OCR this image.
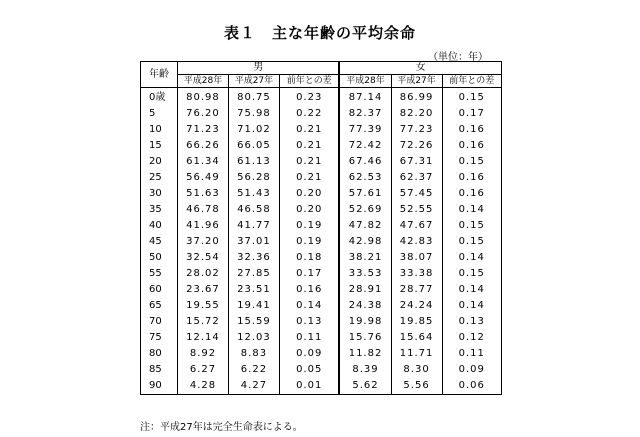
表１　主な年齢の平均余命
（単位：年）
年齢	男			女		
	平成28年	平成27年	前年との差	平成28年	平成27年	前年との差
0歳	80.98	80.75	0.23	87.14	86.99	0.15
5	76.20	75.98	0.22	82.37	82.20	0.17
10	71.23	71.02	0.21	77.39	77.23	0.16
15	66.26	66.05	0.21	72.42	72.26	0.16
20	61.34	61.13	0.21	67.46	67.31	0.15
25	56.49	56.28	0.21	62.53	62.37	0.16
30	51.63	51.43	0.20	57.61	57.45	0.16
35	46.78	46.58	0.20	52.69	52.55	0.14
40	41.96	41.77	0.19	47.82	47.67	0.15
45	37.20	37.01	0.19	42.98	42.83	0.15
50	32.54	32.36	0.18	38.21	38.07	0.14
55	28.02	27.85	0.17	33.53	33.38	0.15
60	23.67	23.51	0.16	28.91	28.77	0.14
65	19.55	19.41	0.14	24.38	24.24	0.14
70	15.72	15.59	0.13	19.98	19.85	0.13
75	12.14	12.03	0.11	15.76	15.64	0.12
80	8.92	8.83	0.09	11.82	11.71	0.11
85	6.27	6.22	0.05	8.39	8.30	0.09
90	4.28	4.27	0.01	5.62	5.56	0.06
注：平成27年は完全生命表による。
